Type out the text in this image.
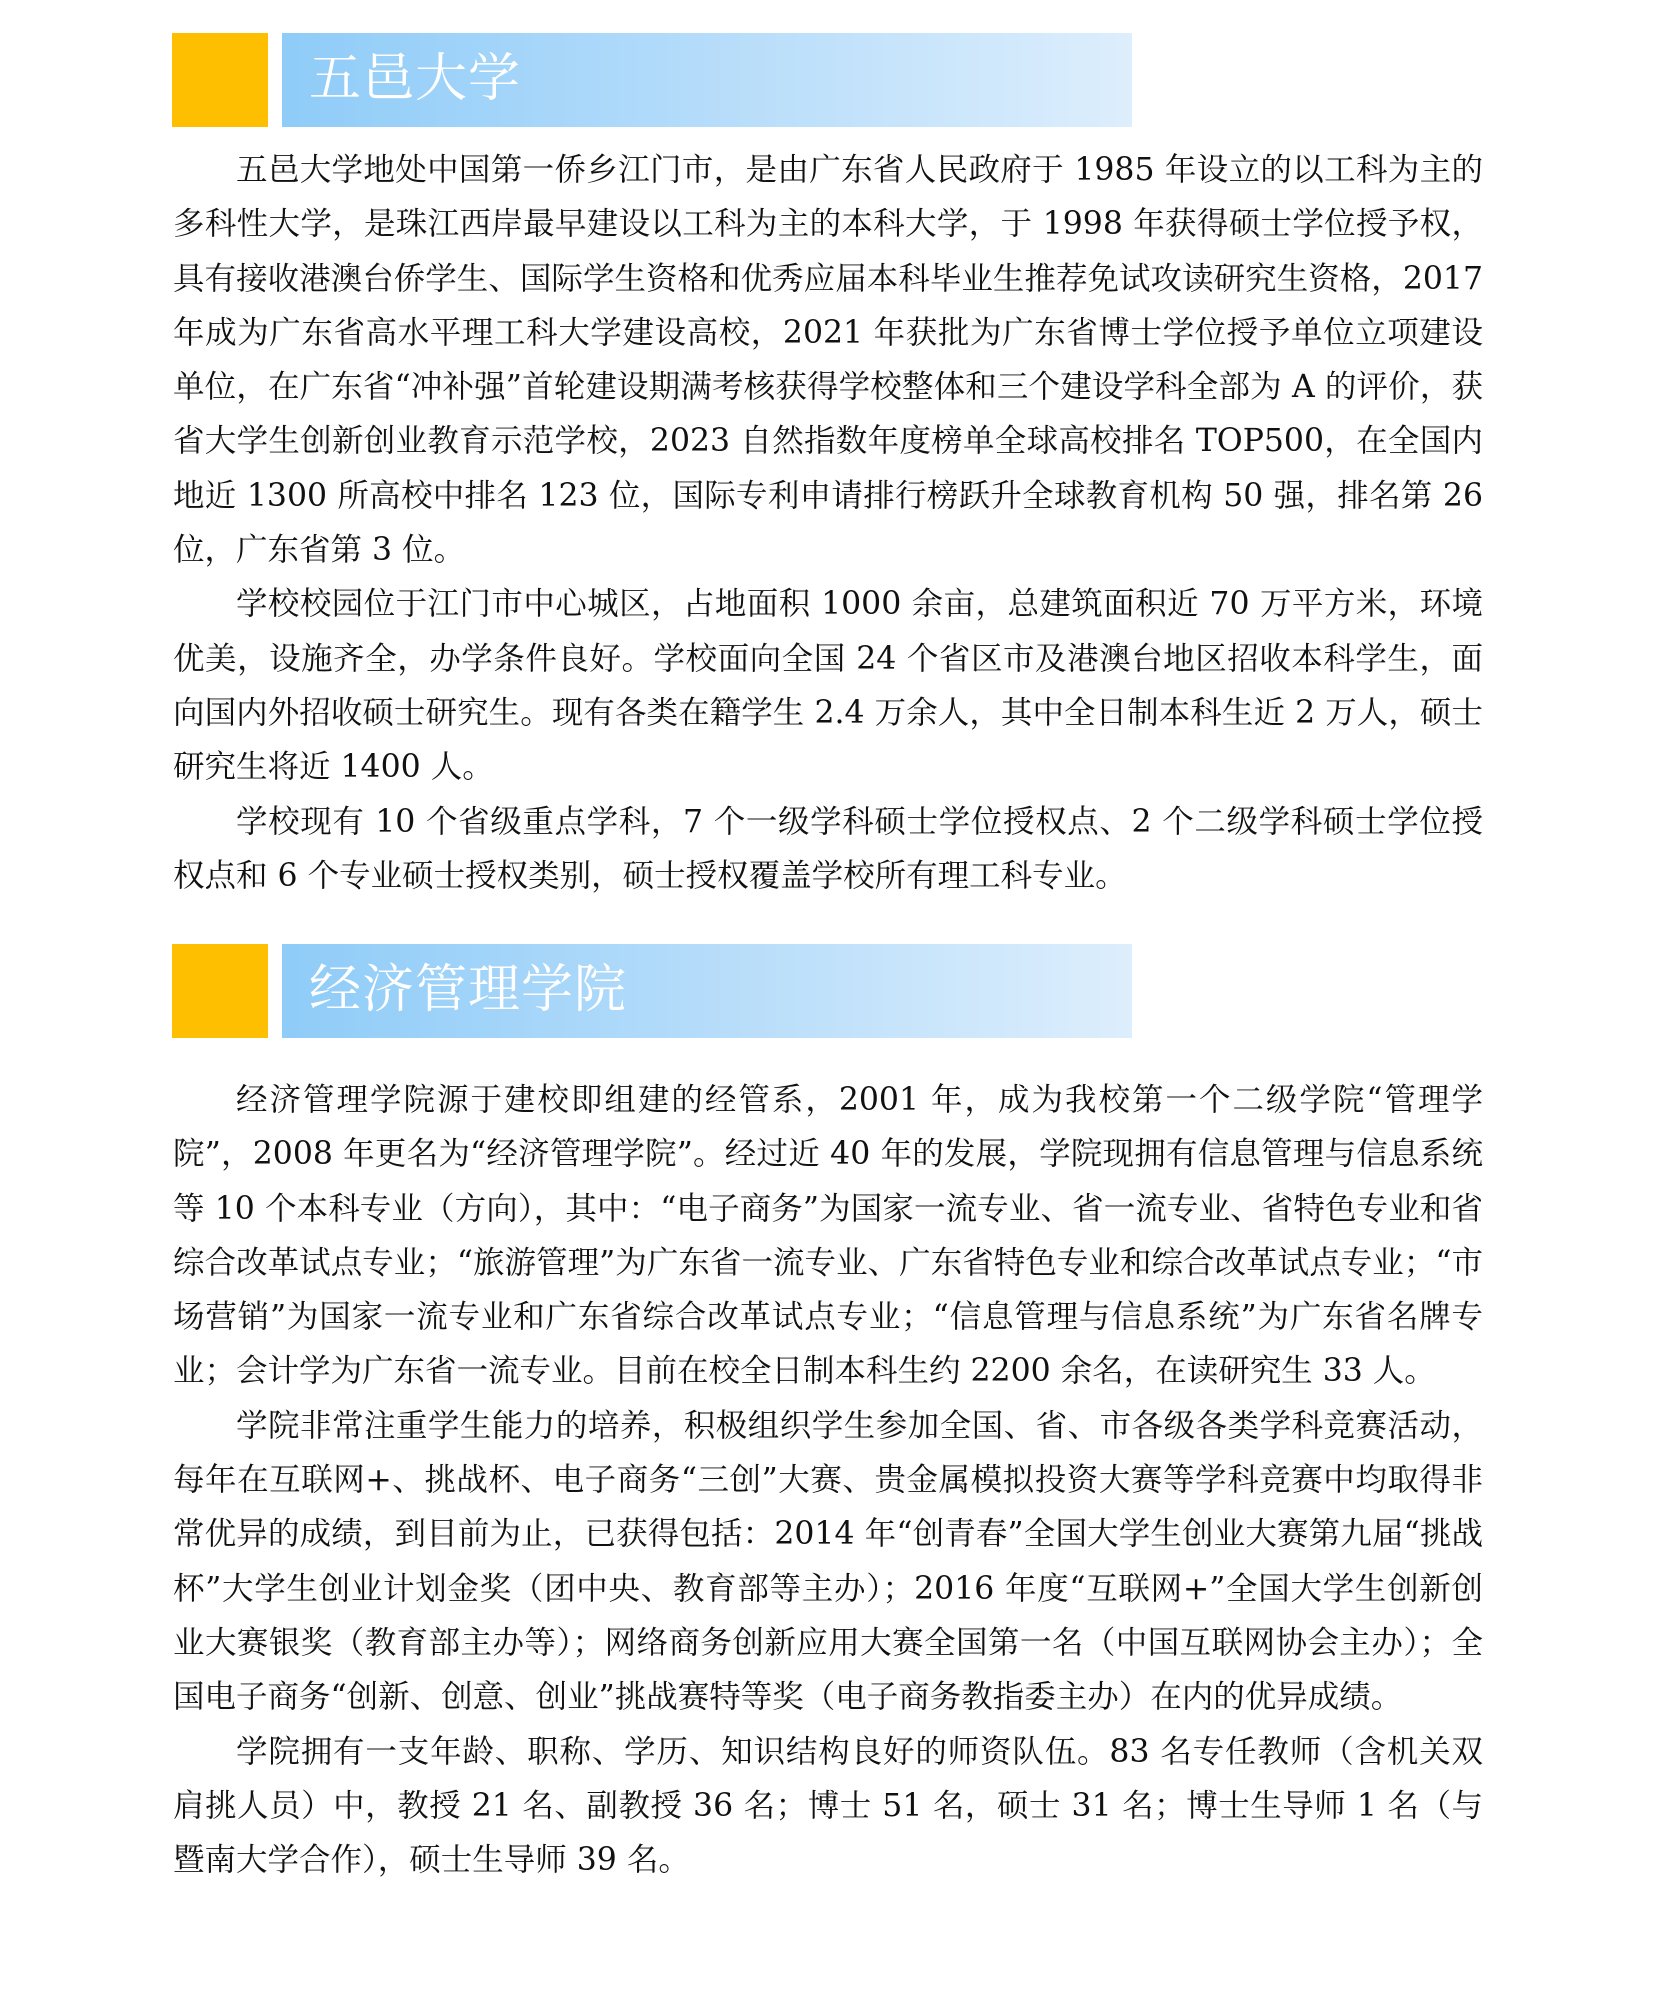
五邑大学

五邑大学地处中国第一侨乡江门市，是由广东省人民政府于 1985 年设立的以工科为主的多科性大学，是珠江西岸最早建设以工科为主的本科大学，于 1998 年获得硕士学位授予权，具有接收港澳台侨学生、国际学生资格和优秀应届本科毕业生推荐免试攻读研究生资格，2017 年成为广东省高水平理工科大学建设高校，2021 年获批为广东省博士学位授予单位立项建设单位，在广东省“冲补强”首轮建设期满考核获得学校整体和三个建设学科全部为 A 的评价，获省大学生创新创业教育示范学校，2023 自然指数年度榜单全球高校排名 TOP500，在全国内地近 1300 所高校中排名 123 位，国际专利申请排行榜跃升全球教育机构 50 强，排名第 26 位，广东省第 3 位。

学校校园位于江门市中心城区，占地面积 1000 余亩，总建筑面积近 70 万平方米，环境优美，设施齐全，办学条件良好。学校面向全国 24 个省区市及港澳台地区招收本科学生，面向国内外招收硕士研究生。现有各类在籍学生 2.4 万余人，其中全日制本科生近 2 万人，硕士研究生将近 1400 人。

学校现有 10 个省级重点学科，7 个一级学科硕士学位授权点、2 个二级学科硕士学位授权点和 6 个专业硕士授权类别，硕士授权覆盖学校所有理工科专业。

经济管理学院

经济管理学院源于建校即组建的经管系，2001 年，成为我校第一个二级学院“管理学院”，2008 年更名为“经济管理学院”。经过近 40 年的发展，学院现拥有信息管理与信息系统等 10 个本科专业（方向），其中：“电子商务”为国家一流专业、省一流专业、省特色专业和省综合改革试点专业；“旅游管理”为广东省一流专业、广东省特色专业和综合改革试点专业；“市场营销”为国家一流专业和广东省综合改革试点专业；“信息管理与信息系统”为广东省名牌专业；会计学为广东省一流专业。目前在校全日制本科生约 2200 余名，在读研究生 33 人。

学院非常注重学生能力的培养，积极组织学生参加全国、省、市各级各类学科竞赛活动，每年在互联网+、挑战杯、电子商务“三创”大赛、贵金属模拟投资大赛等学科竞赛中均取得非常优异的成绩，到目前为止，已获得包括：2014 年“创青春”全国大学生创业大赛第九届“挑战杯”大学生创业计划金奖（团中央、教育部等主办）；2016 年度“互联网+”全国大学生创新创业大赛银奖（教育部主办等）；网络商务创新应用大赛全国第一名（中国互联网协会主办）；全国电子商务“创新、创意、创业”挑战赛特等奖（电子商务教指委主办）在内的优异成绩。

学院拥有一支年龄、职称、学历、知识结构良好的师资队伍。83 名专任教师（含机关双肩挑人员）中，教授 21 名、副教授 36 名；博士 51 名，硕士 31 名；博士生导师 1 名（与暨南大学合作），硕士生导师 39 名。
